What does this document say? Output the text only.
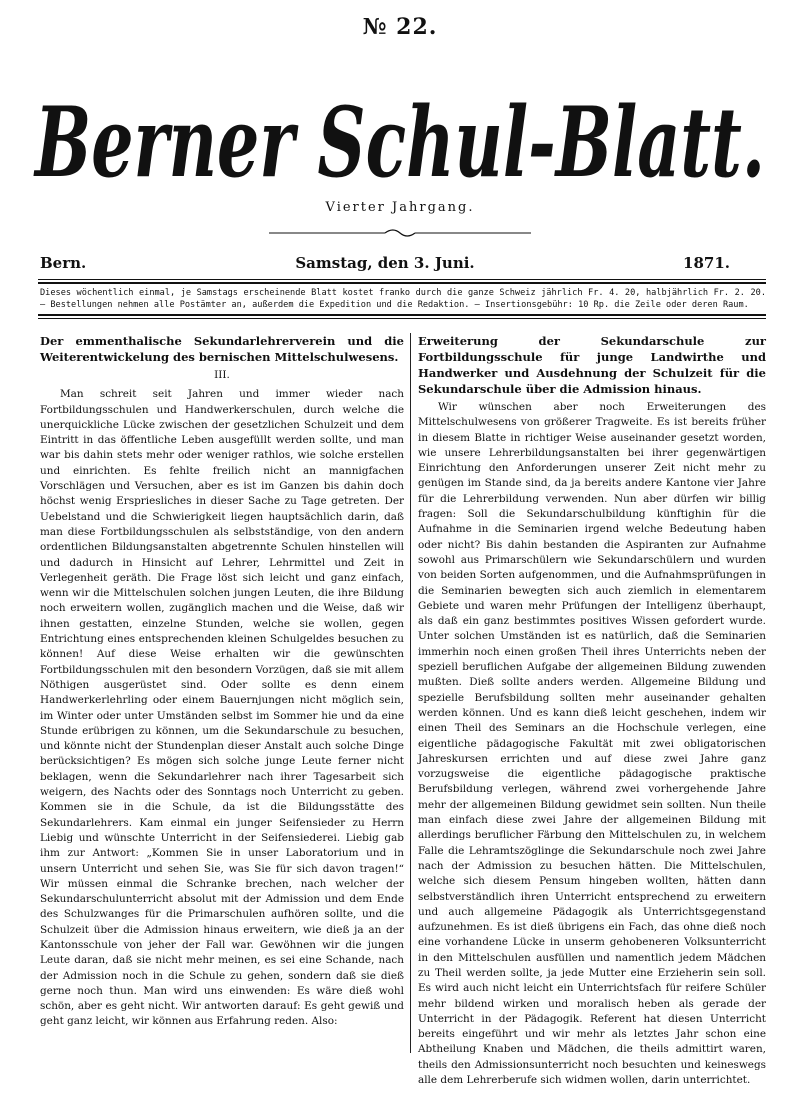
№ 22.
Berner Schul-Blatt.
Vierter Jahrgang.
Bern.	Samstag, den 3. Juni.	1871.
Dieses wöchentlich einmal, je Samstags erscheinende Blatt kostet franko durch die ganze Schweiz jährlich Fr. 4. 20, halbjährlich Fr. 2. 20. — Bestellungen nehmen alle Postämter an, außerdem die Expedition und die Redaktion. — Insertionsgebühr: 10 Rp. die Zeile oder deren Raum.
Der emmenthalische Sekundarlehrerverein und die Weiterentwickelung des bernischen Mittelschulwesens.
III.

Man schreit seit Jahren und immer wieder nach Fortbildungsschulen und Handwerkerschulen, durch welche die unerquickliche Lücke zwischen der gesetzlichen Schulzeit und dem Eintritt in das öffentliche Leben ausgefüllt werden sollte, und man war bis dahin stets mehr oder weniger rathlos, wie solche erstellen und einrichten. Es fehlte freilich nicht an mannigfachen Vorschlägen und Versuchen, aber es ist im Ganzen bis dahin doch höchst wenig Erspriesliches in dieser Sache zu Tage getreten. Der Uebelstand und die Schwierigkeit liegen hauptsächlich darin, daß man diese Fortbildungsschulen als selbstständige, von den andern ordentlichen Bildungsanstalten abgetrennte Schulen hinstellen will und dadurch in Hinsicht auf Lehrer, Lehrmittel und Zeit in Verlegenheit geräth. Die Frage löst sich leicht und ganz einfach, wenn wir die Mittelschulen solchen jungen Leuten, die ihre Bildung noch erweitern wollen, zugänglich machen und die Weise, daß wir ihnen gestatten, einzelne Stunden, welche sie wollen, gegen Entrichtung eines entsprechenden kleinen Schulgeldes besuchen zu können! Auf diese Weise erhalten wir die gewünschten Fortbildungsschulen mit den besondern Vorzügen, daß sie mit allem Nöthigen ausgerüstet sind. Oder sollte es denn einem Handwerkerlehrling oder einem Bauernjungen nicht möglich sein, im Winter oder unter Umständen selbst im Sommer hie und da eine Stunde erübrigen zu können, um die Sekundarschule zu besuchen, und könnte nicht der Stundenplan dieser Anstalt auch solche Dinge berücksichtigen? Es mögen sich solche junge Leute ferner nicht beklagen, wenn die Sekundarlehrer nach ihrer Tagesarbeit sich weigern, des Nachts oder des Sonntags noch Unterricht zu geben. Kommen sie in die Schule, da ist die Bildungsstätte des Sekundarlehrers. Kam einmal ein junger Seifensieder zu Herrn Liebig und wünschte Unterricht in der Seifensiederei. Liebig gab ihm zur Antwort: „Kommen Sie in unser Laboratorium und in unsern Unterricht und sehen Sie, was Sie für sich davon tragen!“ Wir müssen einmal die Schranke brechen, nach welcher der Sekundarschulunterricht absolut mit der Admission und dem Ende des Schulzwanges für die Primarschulen aufhören sollte, und die Schulzeit über die Admission hinaus erweitern, wie dieß ja an der Kantonsschule von jeher der Fall war. Gewöhnen wir die jungen Leute daran, daß sie nicht mehr meinen, es sei eine Schande, nach der Admission noch in die Schule zu gehen, sondern daß sie dieß gerne noch thun. Man wird uns einwenden: Es wäre dieß wohl schön, aber es geht nicht. Wir antworten darauf: Es geht gewiß und geht ganz leicht, wir können aus Erfahrung reden. Also:

Erweiterung der Sekundarschule zur Fortbildungsschule für junge Landwirthe und Handwerker und Ausdehnung der Schulzeit für die Sekundarschule über die Admission hinaus.

Wir wünschen aber noch Erweiterungen des Mittelschulwesens von größerer Tragweite. Es ist bereits früher in diesem Blatte in richtiger Weise auseinander gesetzt worden, wie unsere Lehrerbildungsanstalten bei ihrer gegenwärtigen Einrichtung den Anforderungen unserer Zeit nicht mehr zu genügen im Stande sind, da ja bereits andere Kantone vier Jahre für die Lehrerbildung verwenden. Nun aber dürfen wir billig fragen: Soll die Sekundarschulbildung künftighin für die Aufnahme in die Seminarien irgend welche Bedeutung haben oder nicht? Bis dahin bestanden die Aspiranten zur Aufnahme sowohl aus Primarschülern wie Sekundarschülern und wurden von beiden Sorten aufgenommen, und die Aufnahmsprüfungen in die Seminarien bewegten sich auch ziemlich in elementarem Gebiete und waren mehr Prüfungen der Intelligenz überhaupt, als daß ein ganz bestimmtes positives Wissen gefordert wurde. Unter solchen Umständen ist es natürlich, daß die Seminarien immerhin noch einen großen Theil ihres Unterrichts neben der speziell beruflichen Aufgabe der allgemeinen Bildung zuwenden mußten. Dieß sollte anders werden. Allgemeine Bildung und spezielle Berufsbildung sollten mehr auseinander gehalten werden können. Und es kann dieß leicht geschehen, indem wir einen Theil des Seminars an die Hochschule verlegen, eine eigentliche pädagogische Fakultät mit zwei obligatorischen Jahreskursen errichten und auf diese zwei Jahre ganz vorzugsweise die eigentliche pädagogische praktische Berufsbildung verlegen, während zwei vorhergehende Jahre mehr der allgemeinen Bildung gewidmet sein sollten. Nun theile man einfach diese zwei Jahre der allgemeinen Bildung mit allerdings beruflicher Färbung den Mittelschulen zu, in welchem Falle die Lehramtszöglinge die Sekundarschule noch zwei Jahre nach der Admission zu besuchen hätten. Die Mittelschulen, welche sich diesem Pensum hingeben wollten, hätten dann selbstverständlich ihren Unterricht entsprechend zu erweitern und auch allgemeine Pädagogik als Unterrichtsgegenstand aufzunehmen. Es ist dieß übrigens ein Fach, das ohne dieß noch eine vorhandene Lücke in unserm gehobeneren Volksunterricht in den Mittelschulen ausfüllen und namentlich jedem Mädchen zu Theil werden sollte, ja jede Mutter eine Erzieherin sein soll. Es wird auch nicht leicht ein Unterrichtsfach für reifere Schüler mehr bildend wirken und moralisch heben als gerade der Unterricht in der Pädagogik. Referent hat diesen Unterricht bereits eingeführt und wir mehr als letztes Jahr schon eine Abtheilung Knaben und Mädchen, die theils admittirt waren, theils den Admissionsunterricht noch besuchten und keineswegs alle dem Lehrerberufe sich widmen wollen, darin unterrichtet.
